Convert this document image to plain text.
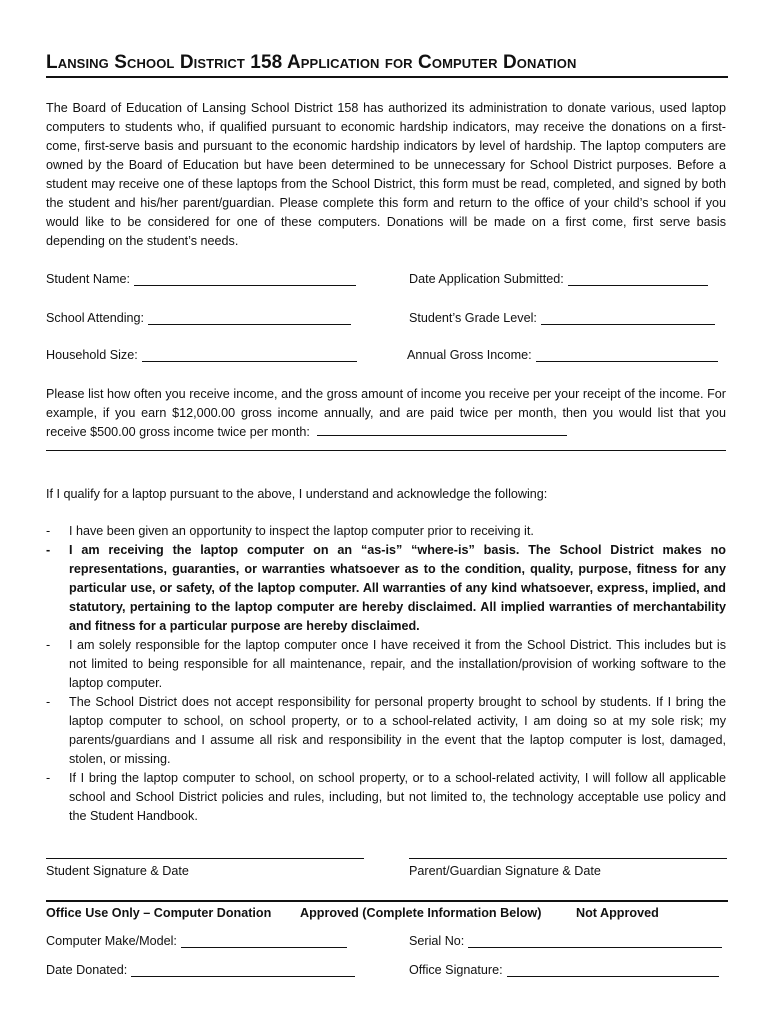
Lansing School District 158 Application for Computer Donation

The Board of Education of Lansing School District 158 has authorized its administration to donate various, used laptop computers to students who, if qualified pursuant to economic hardship indicators, may receive the donations on a first-come, first-serve basis and pursuant to the economic hardship indicators by level of hardship. The laptop computers are owned by the Board of Education but have been determined to be unnecessary for School District purposes. Before a student may receive one of these laptops from the School District, this form must be read, completed, and signed by both the student and his/her parent/guardian. Please complete this form and return to the office of your child’s school if you would like to be considered for one of these computers. Donations will be made on a first come, first serve basis depending on the student’s needs.

Student Name:	Date Application Submitted:
School Attending:	Student’s Grade Level:
Household Size:	Annual Gross Income:

Please list how often you receive income, and the gross amount of income you receive per your receipt of the income. For example, if you earn $12,000.00 gross income annually, and are paid twice per month, then you would list that you receive $500.00 gross income twice per month:

If I qualify for a laptop pursuant to the above, I understand and acknowledge the following:

- I have been given an opportunity to inspect the laptop computer prior to receiving it.
- I am receiving the laptop computer on an “as-is” “where-is” basis. The School District makes no representations, guaranties, or warranties whatsoever as to the condition, quality, purpose, fitness for any particular use, or safety, of the laptop computer. All warranties of any kind whatsoever, express, implied, and statutory, pertaining to the laptop computer are hereby disclaimed. All implied warranties of merchantability and fitness for a particular purpose are hereby disclaimed.
- I am solely responsible for the laptop computer once I have received it from the School District. This includes but is not limited to being responsible for all maintenance, repair, and the installation/provision of working software to the laptop computer.
- The School District does not accept responsibility for personal property brought to school by students. If I bring the laptop computer to school, on school property, or to a school-related activity, I am doing so at my sole risk; my parents/guardians and I assume all risk and responsibility in the event that the laptop computer is lost, damaged, stolen, or missing.
- If I bring the laptop computer to school, on school property, or to a school-related activity, I will follow all applicable school and School District policies and rules, including, but not limited to, the technology acceptable use policy and the Student Handbook.
Student Signature & Date	Parent/Guardian Signature & Date
Office Use Only – Computer Donation Approved (Complete Information Below)	Not Approved
Computer Make/Model:	Serial No:
Date Donated:	Office Signature:
